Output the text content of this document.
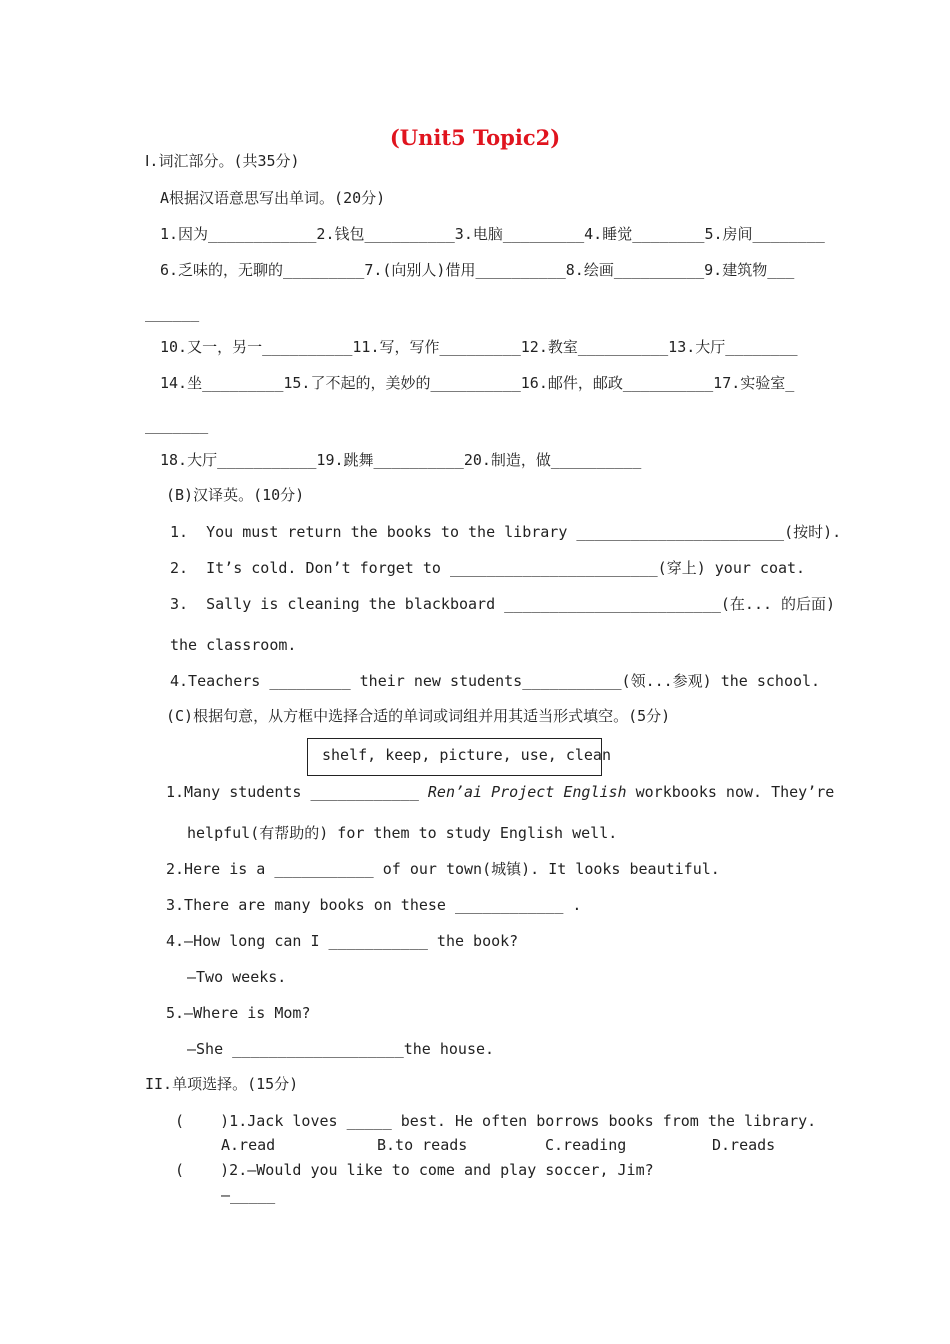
(Unit5 Topic2)
Ⅰ.词汇部分。(共35分)
A根据汉语意思写出单词。(20分)
1.因为____________2.钱包__________3.电脑_________4.睡觉________5.房间________
6.乏味的，无聊的_________7.(向别人)借用__________8.绘画__________9.建筑物___
______
10.又一，另一__________11.写，写作_________12.教室__________13.大厅________
14.坐_________15.了不起的，美妙的__________16.邮件，邮政__________17.实验室_
_______
18.大厅___________19.跳舞__________20.制造，做__________
(B)汉译英。(10分)
1.  You must return the books to the library _______________________(按时).
2.  It’s cold. Don’t forget to _______________________(穿上) your coat.
3.  Sally is cleaning the blackboard ________________________(在... 的后面)
the classroom.
4.Teachers _________ their new students___________(领...参观) the school.
(C)根据句意，从方框中选择合适的单词或词组并用其适当形式填空。(5分)
shelf, keep, picture, use, clean
1.Many students ____________ Ren’ai Project English workbooks now. They’re
helpful(有帮助的) for them to study English well.
2.Here is a ___________ of our town(城镇). It looks beautiful.
3.There are many books on these ____________ .
4.—How long can I ___________ the book?
—Two weeks.
5.—Where is Mom?
—She ___________________the house.
II.单项选择。(15分)
(    )1.Jack loves _____ best. He often borrows books from the library.
A.read	B.to reads	C.reading	D.reads
(    )2.—Would you like to come and play soccer, Jim?
—_____
